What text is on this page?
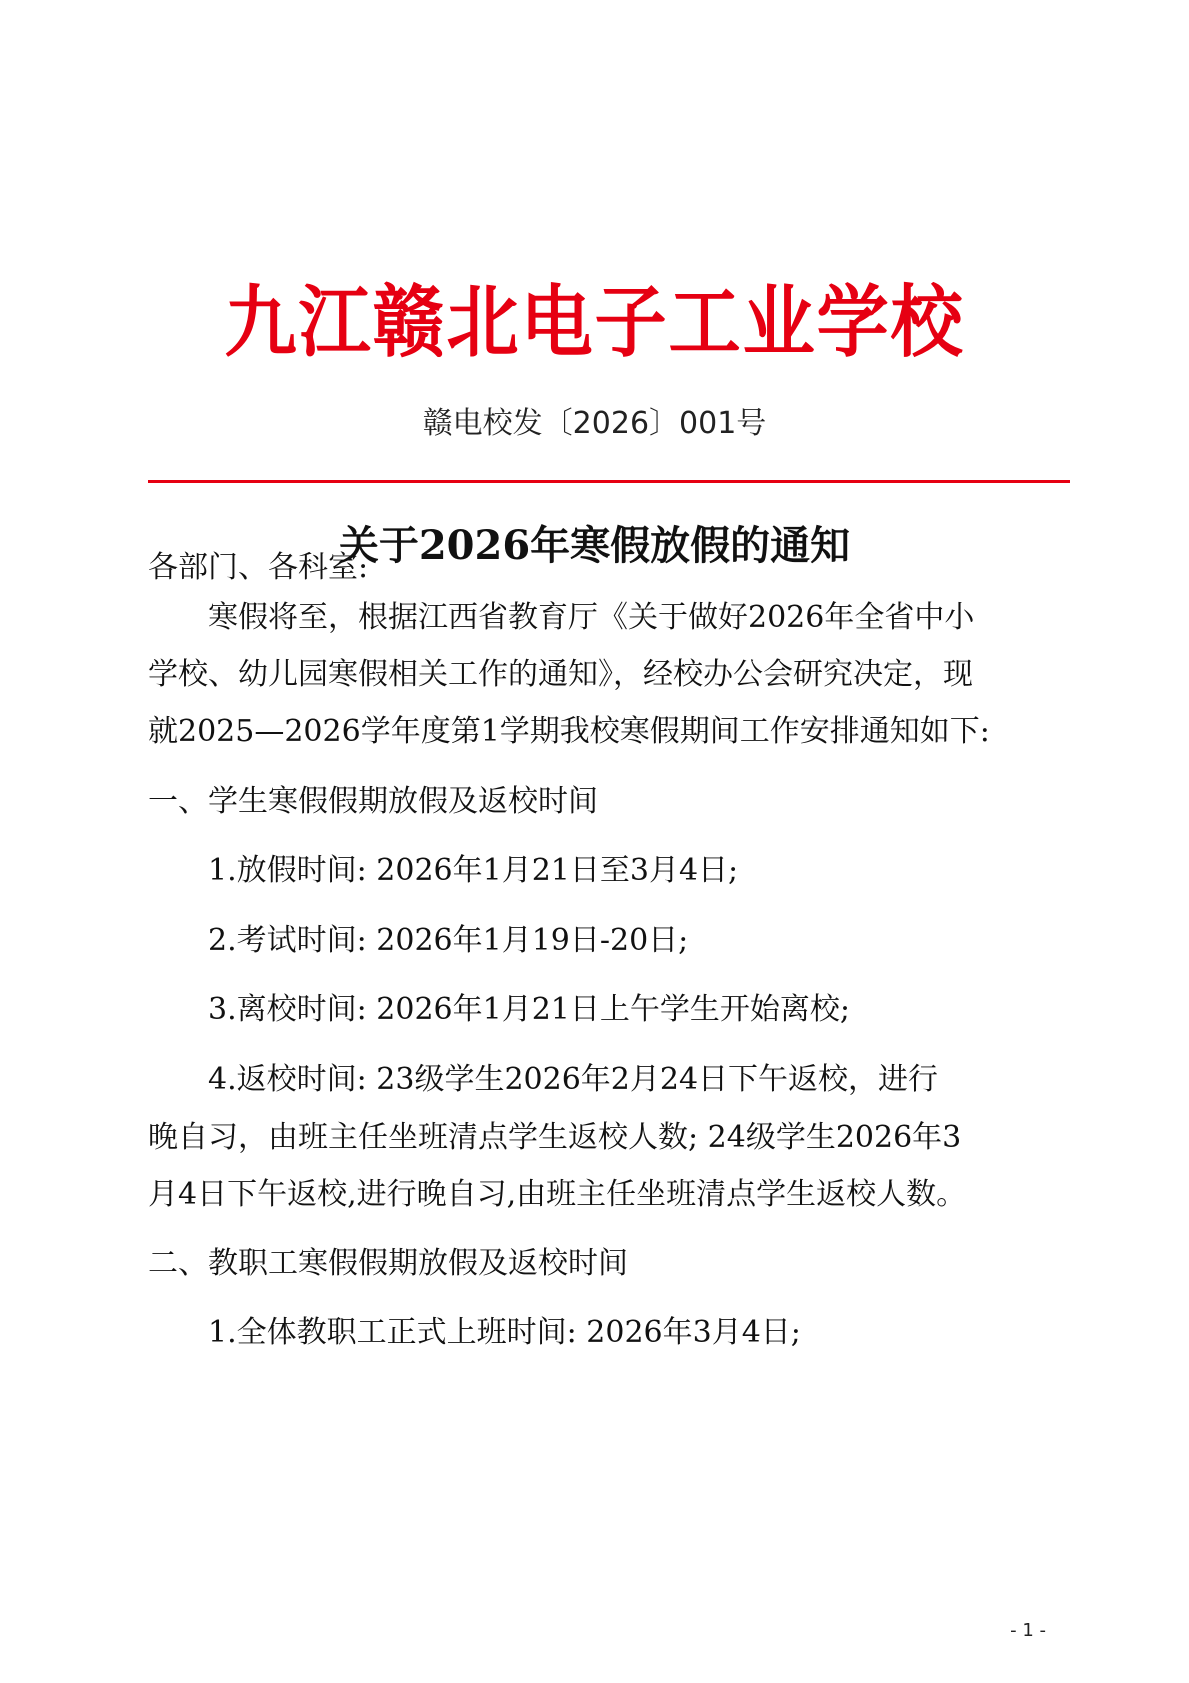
九江赣北电子工业学校
赣电校发〔2026〕001号
关于2026年寒假放假的通知
各部门、各科室:
寒假将至，根据江西省教育厅《关于做好2026年全省中小
学校、幼儿园寒假相关工作的通知》，经校办公会研究决定，现
就2025—2026学年度第1学期我校寒假期间工作安排通知如下:
一、学生寒假假期放假及返校时间
1.放假时间: 2026年1月21日至3月4日;
2.考试时间: 2026年1月19日-20日;
3.离校时间: 2026年1月21日上午学生开始离校;
4.返校时间: 23级学生2026年2月24日下午返校，进行
晚自习，由班主任坐班清点学生返校人数; 24级学生2026年3
月4日下午返校,进行晚自习,由班主任坐班清点学生返校人数。
二、教职工寒假假期放假及返校时间
1.全体教职工正式上班时间: 2026年3月4日;
- 1 -
